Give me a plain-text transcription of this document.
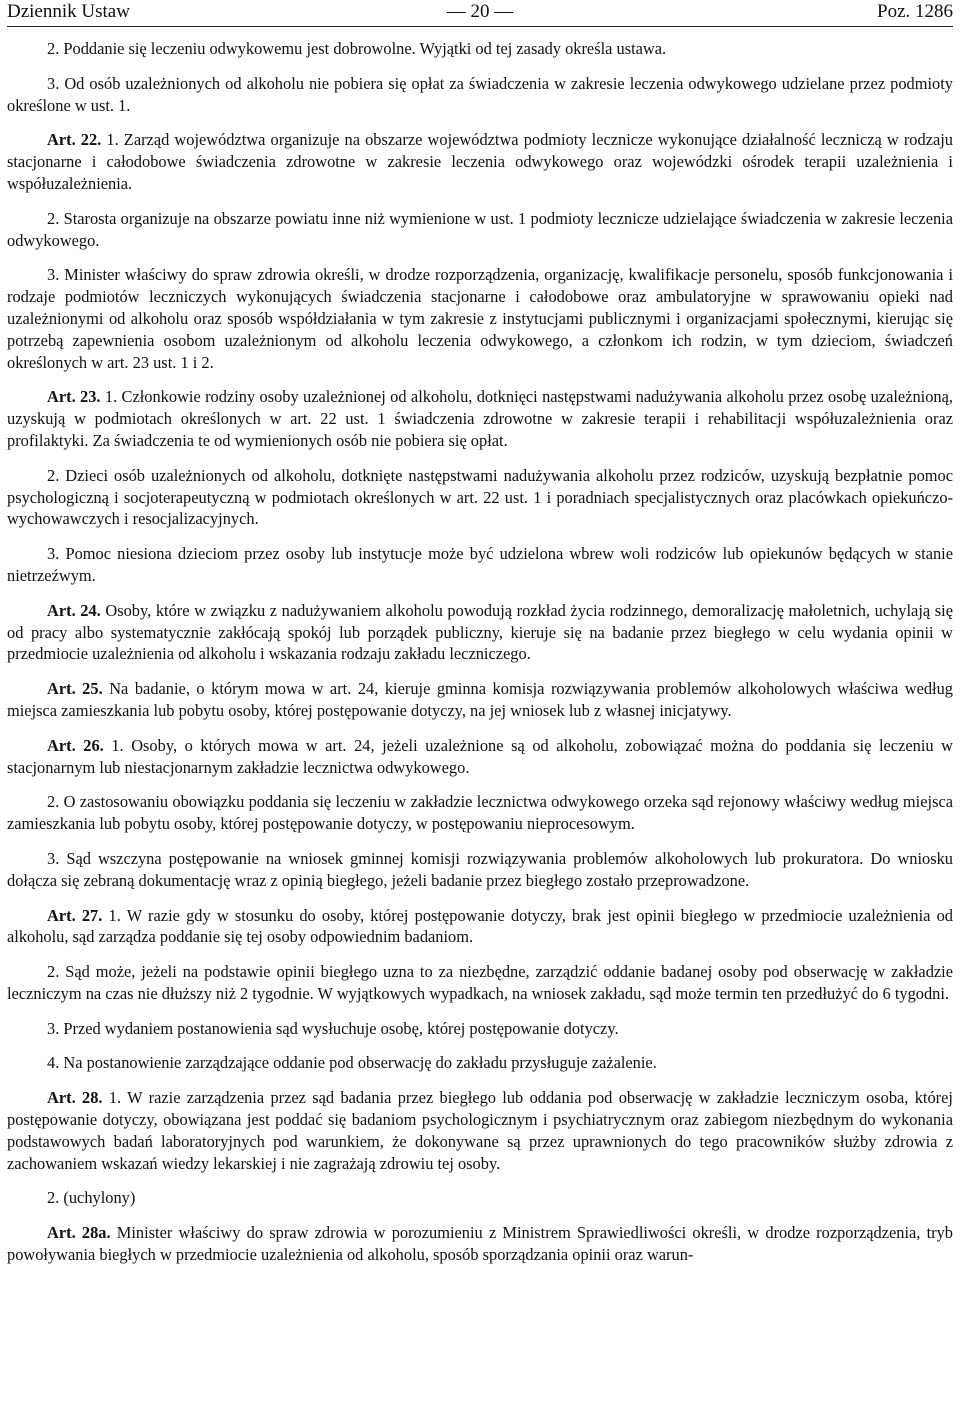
Dziennik Ustaw	— 20 —	Poz. 1286

2. Poddanie się leczeniu odwykowemu jest dobrowolne. Wyjątki od tej zasady określa ustawa.

3. Od osób uzależnionych od alkoholu nie pobiera się opłat za świadczenia w zakresie leczenia odwykowego udzielane przez podmioty określone w ust. 1.

Art. 22. 1. Zarząd województwa organizuje na obszarze województwa podmioty lecznicze wykonujące działalność leczniczą w rodzaju stacjonarne i całodobowe świadczenia zdrowotne w zakresie leczenia odwykowego oraz wojewódzki ośrodek terapii uzależnienia i współuzależnienia.

2. Starosta organizuje na obszarze powiatu inne niż wymienione w ust. 1 podmioty lecznicze udzielające świadczenia w zakresie leczenia odwykowego.

3. Minister właściwy do spraw zdrowia określi, w drodze rozporządzenia, organizację, kwalifikacje personelu, sposób funkcjonowania i rodzaje podmiotów leczniczych wykonujących świadczenia stacjonarne i całodobowe oraz ambulatoryjne w sprawowaniu opieki nad uzależnionymi od alkoholu oraz sposób współdziałania w tym zakresie z instytucjami publicznymi i organizacjami społecznymi, kierując się potrzebą zapewnienia osobom uzależnionym od alkoholu leczenia odwykowego, a członkom ich rodzin, w tym dzieciom, świadczeń określonych w art. 23 ust. 1 i 2.

Art. 23. 1. Członkowie rodziny osoby uzależnionej od alkoholu, dotknięci następstwami nadużywania alkoholu przez osobę uzależnioną, uzyskują w podmiotach określonych w art. 22 ust. 1 świadczenia zdrowotne w zakresie terapii i rehabilitacji współuzależnienia oraz profilaktyki. Za świadczenia te od wymienionych osób nie pobiera się opłat.

2. Dzieci osób uzależnionych od alkoholu, dotknięte następstwami nadużywania alkoholu przez rodziców, uzyskują bezpłatnie pomoc psychologiczną i socjoterapeutyczną w podmiotach określonych w art. 22 ust. 1 i poradniach specjalistycznych oraz placówkach opiekuńczo-wychowawczych i resocjalizacyjnych.

3. Pomoc niesiona dzieciom przez osoby lub instytucje może być udzielona wbrew woli rodziców lub opiekunów będących w stanie nietrzeźwym.

Art. 24. Osoby, które w związku z nadużywaniem alkoholu powodują rozkład życia rodzinnego, demoralizację małoletnich, uchylają się od pracy albo systematycznie zakłócają spokój lub porządek publiczny, kieruje się na badanie przez biegłego w celu wydania opinii w przedmiocie uzależnienia od alkoholu i wskazania rodzaju zakładu leczniczego.

Art. 25. Na badanie, o którym mowa w art. 24, kieruje gminna komisja rozwiązywania problemów alkoholowych właściwa według miejsca zamieszkania lub pobytu osoby, której postępowanie dotyczy, na jej wniosek lub z własnej inicjatywy.

Art. 26. 1. Osoby, o których mowa w art. 24, jeżeli uzależnione są od alkoholu, zobowiązać można do poddania się leczeniu w stacjonarnym lub niestacjonarnym zakładzie lecznictwa odwykowego.

2. O zastosowaniu obowiązku poddania się leczeniu w zakładzie lecznictwa odwykowego orzeka sąd rejonowy właściwy według miejsca zamieszkania lub pobytu osoby, której postępowanie dotyczy, w postępowaniu nieprocesowym.

3. Sąd wszczyna postępowanie na wniosek gminnej komisji rozwiązywania problemów alkoholowych lub prokuratora. Do wniosku dołącza się zebraną dokumentację wraz z opinią biegłego, jeżeli badanie przez biegłego zostało przeprowadzone.

Art. 27. 1. W razie gdy w stosunku do osoby, której postępowanie dotyczy, brak jest opinii biegłego w przedmiocie uzależnienia od alkoholu, sąd zarządza poddanie się tej osoby odpowiednim badaniom.

2. Sąd może, jeżeli na podstawie opinii biegłego uzna to za niezbędne, zarządzić oddanie badanej osoby pod obserwację w zakładzie leczniczym na czas nie dłuższy niż 2 tygodnie. W wyjątkowych wypadkach, na wniosek zakładu, sąd może termin ten przedłużyć do 6 tygodni.

3. Przed wydaniem postanowienia sąd wysłuchuje osobę, której postępowanie dotyczy.

4. Na postanowienie zarządzające oddanie pod obserwację do zakładu przysługuje zażalenie.

Art. 28. 1. W razie zarządzenia przez sąd badania przez biegłego lub oddania pod obserwację w zakładzie leczniczym osoba, której postępowanie dotyczy, obowiązana jest poddać się badaniom psychologicznym i psychiatrycznym oraz zabiegom niezbędnym do wykonania podstawowych badań laboratoryjnych pod warunkiem, że dokonywane są przez uprawnionych do tego pracowników służby zdrowia z zachowaniem wskazań wiedzy lekarskiej i nie zagrażają zdrowiu tej osoby.

2. (uchylony)

Art. 28a. Minister właściwy do spraw zdrowia w porozumieniu z Ministrem Sprawiedliwości określi, w drodze rozporządzenia, tryb powoływania biegłych w przedmiocie uzależnienia od alkoholu, sposób sporządzania opinii oraz warun-
